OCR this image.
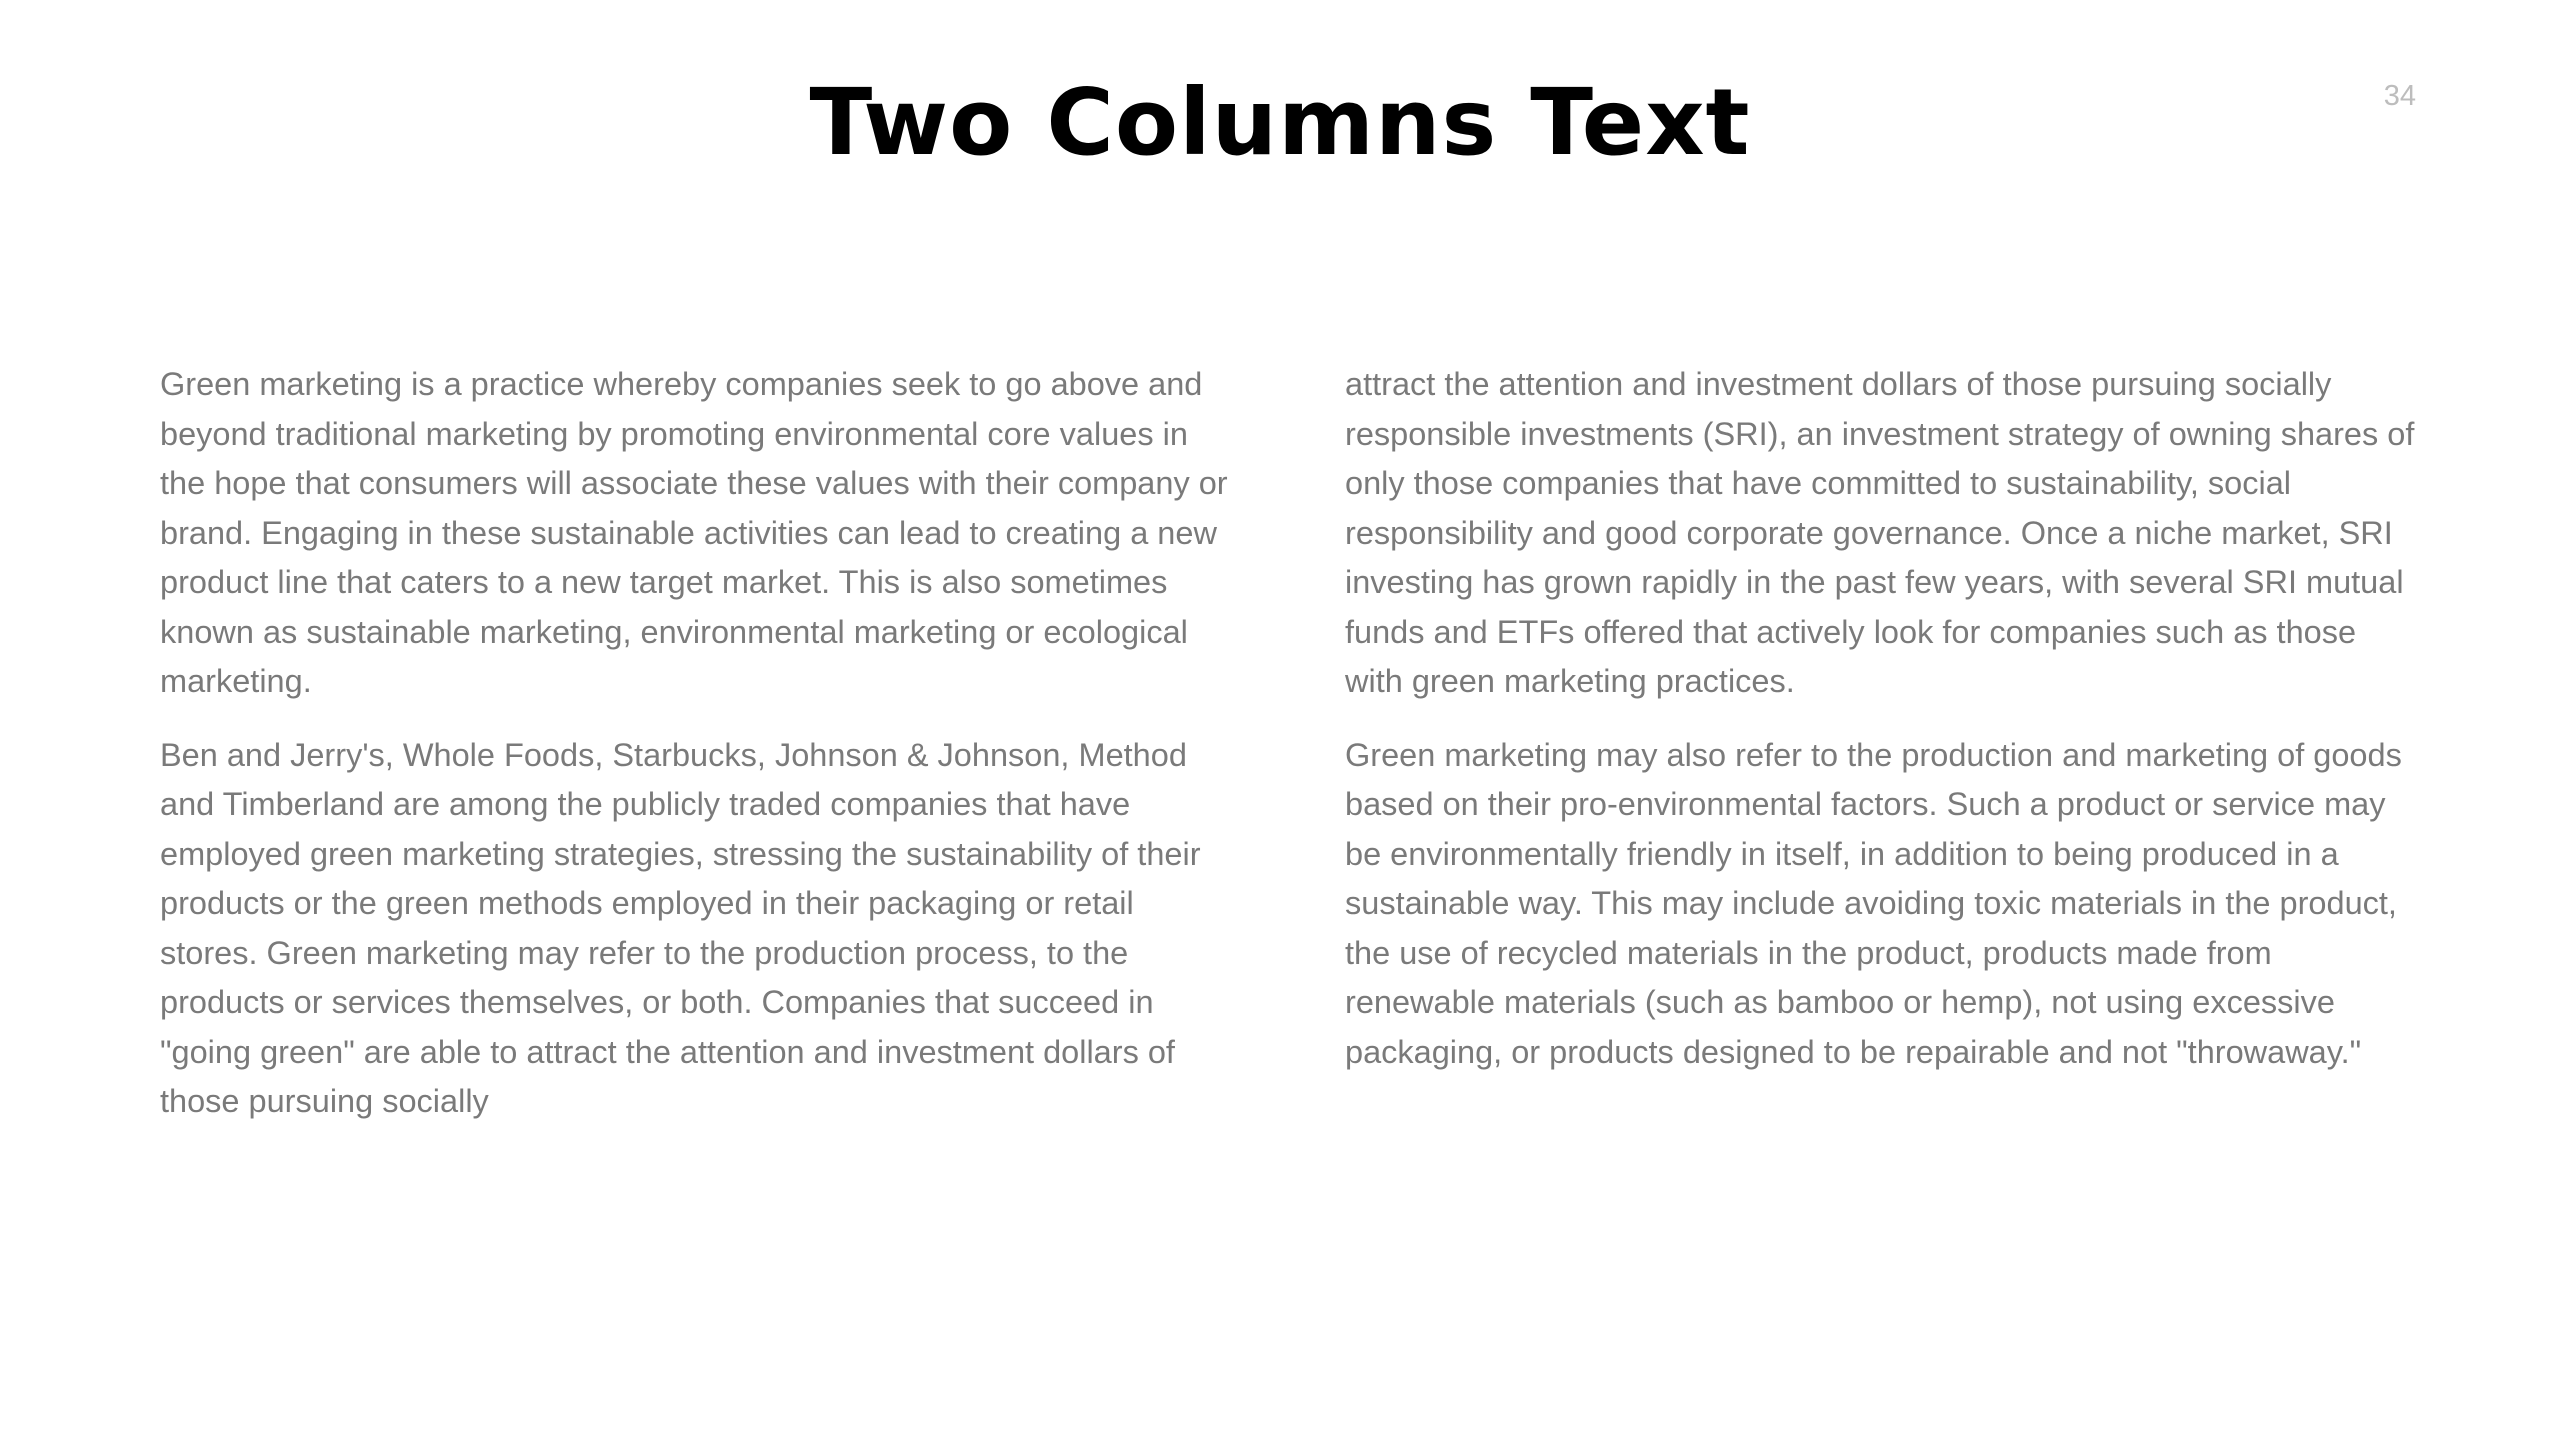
Two Columns Text	34

Green marketing is a practice whereby companies seek to go above and beyond traditional marketing by promoting environmental core values in the hope that consumers will associate these values with their company or brand. Engaging in these sustainable activities can lead to creating a new product line that caters to a new target market. This is also sometimes known as sustainable marketing, environmental marketing or ecological marketing.

Ben and Jerry's, Whole Foods, Starbucks, Johnson & Johnson, Method and Timberland are among the publicly traded companies that have employed green marketing strategies, stressing the sustainability of their products or the green methods employed in their packaging or retail stores. Green marketing may refer to the production process, to the products or services themselves, or both. Companies that succeed in "going green" are able to attract the attention and investment dollars of those pursuing socially

attract the attention and investment dollars of those pursuing socially responsible investments (SRI), an investment strategy of owning shares of only those companies that have committed to sustainability, social responsibility and good corporate governance. Once a niche market, SRI investing has grown rapidly in the past few years, with several SRI mutual funds and ETFs offered that actively look for companies such as those with green marketing practices.

Green marketing may also refer to the production and marketing of goods based on their pro-environmental factors. Such a product or service may be environmentally friendly in itself, in addition to being produced in a sustainable way. This may include avoiding toxic materials in the product, the use of recycled materials in the product, products made from renewable materials (such as bamboo or hemp), not using excessive packaging, or products designed to be repairable and not "throwaway."
